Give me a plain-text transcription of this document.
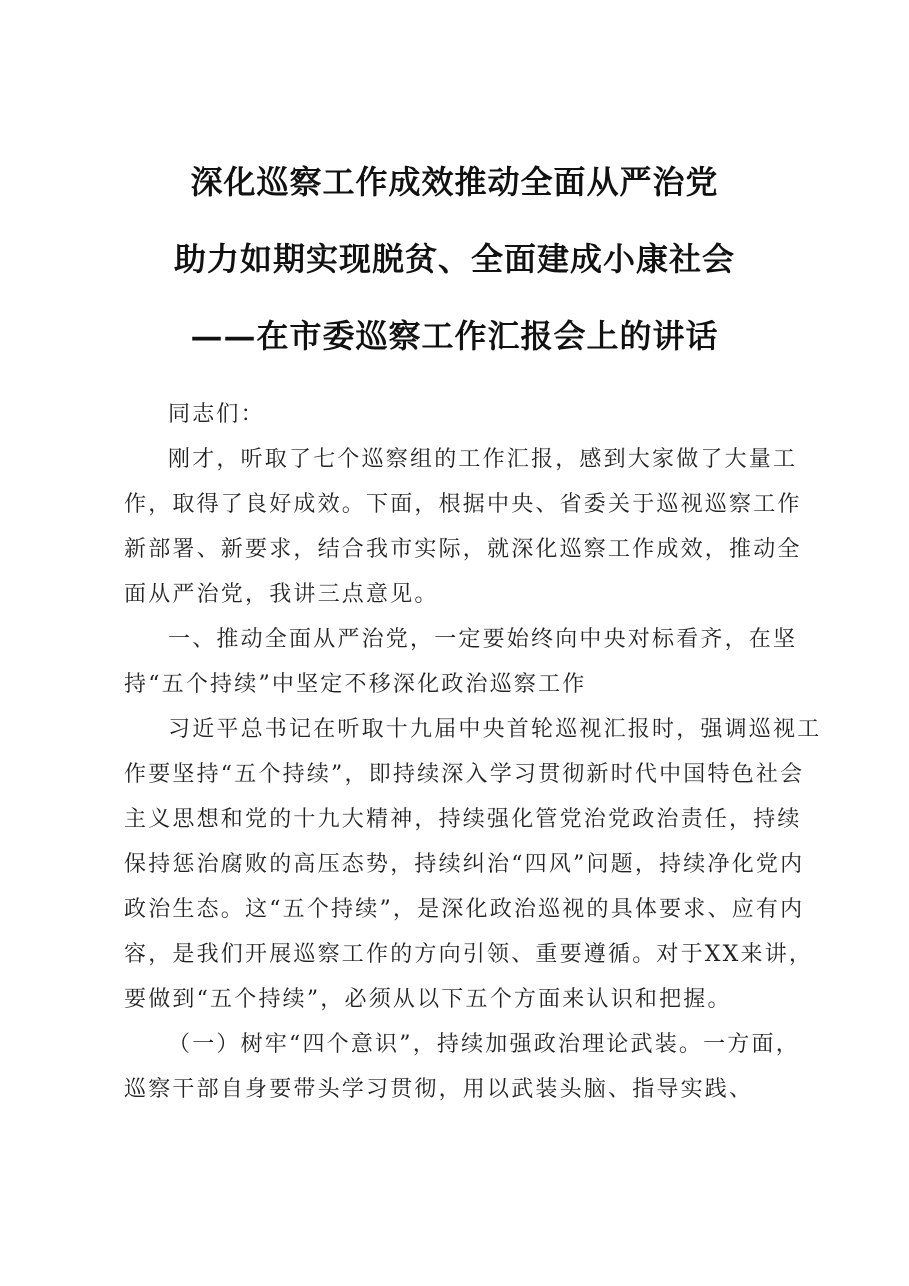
深化巡察工作成效推动全面从严治党
助力如期实现脱贫、全面建成小康社会
——在市委巡察工作汇报会上的讲话

同志们：

刚才，听取了七个巡察组的工作汇报，感到大家做了大量工作，取得了良好成效。下面，根据中央、省委关于巡视巡察工作新部署、新要求，结合我市实际，就深化巡察工作成效，推动全面从严治党，我讲三点意见。

一、推动全面从严治党，一定要始终向中央对标看齐，在坚持“五个持续”中坚定不移深化政治巡察工作

习近平总书记在听取十九届中央首轮巡视汇报时，强调巡视工作要坚持“五个持续”，即持续深入学习贯彻新时代中国特色社会主义思想和党的十九大精神，持续强化管党治党政治责任，持续保持惩治腐败的高压态势，持续纠治“四风”问题，持续净化党内政治生态。这“五个持续”，是深化政治巡视的具体要求、应有内容，是我们开展巡察工作的方向引领、重要遵循。对于XX来讲，要做到“五个持续”，必须从以下五个方面来认识和把握。

（一）树牢“四个意识”，持续加强政治理论武装。一方面，巡察干部自身要带头学习贯彻，用以武装头脑、指导实践、
